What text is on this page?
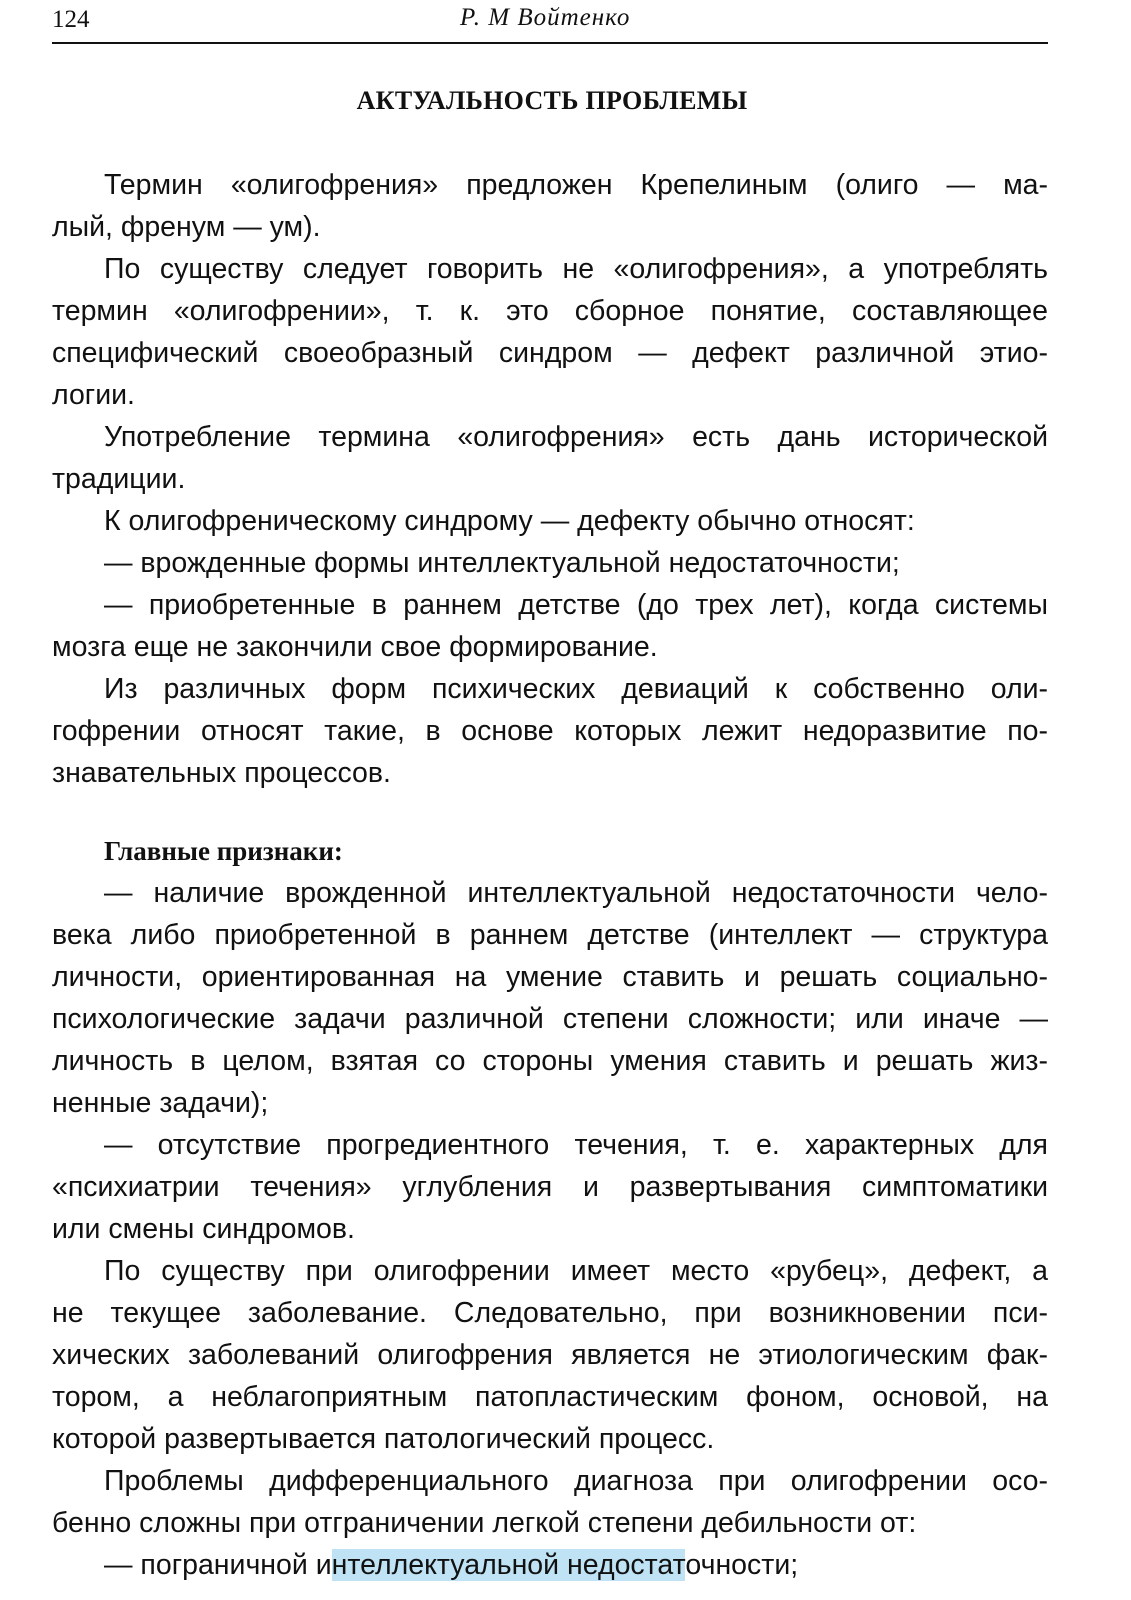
124	Р. М Войтенко
АКТУАЛЬНОСТЬ ПРОБЛЕМЫ
Термин «олигофрения» предложен Крепелиным (олиго — ма-
лый, френум — ум).
По существу следует говорить не «олигофрения», а употреблять
термин «олигофрении», т. к. это сборное понятие, составляющее
специфический своеобразный синдром — дефект различной этио-
логии.
Употребление термина «олигофрения» есть дань исторической
традиции.
К олигофреническому синдрому — дефекту обычно относят:
— врожденные формы интеллектуальной недостаточности;
— приобретенные в раннем детстве (до трех лет), когда системы
мозга еще не закончили свое формирование.
Из различных форм психических девиаций к собственно оли-
гофрении относят такие, в основе которых лежит недоразвитие по-
знавательных процессов.
Главные признаки:
— наличие врожденной интеллектуальной недостаточности чело-
века либо приобретенной в раннем детстве (интеллект — структура
личности, ориентированная на умение ставить и решать социально-
психологические задачи различной степени сложности; или иначе —
личность в целом, взятая со стороны умения ставить и решать жиз-
ненные задачи);
— отсутствие прогредиентного течения, т. е. характерных для
«психиатрии течения» углубления и развертывания симптоматики
или смены синдромов.
По существу при олигофрении имеет место «рубец», дефект, а
не текущее заболевание. Следовательно, при возникновении пси-
хических заболеваний олигофрения является не этиологическим фак-
тором, а неблагоприятным патопластическим фоном, основой, на
которой развертывается патологический процесс.
Проблемы дифференциального диагноза при олигофрении осо-
бенно сложны при отграничении легкой степени дебильности от:
— пограничной интеллектуальной недостаточности;
